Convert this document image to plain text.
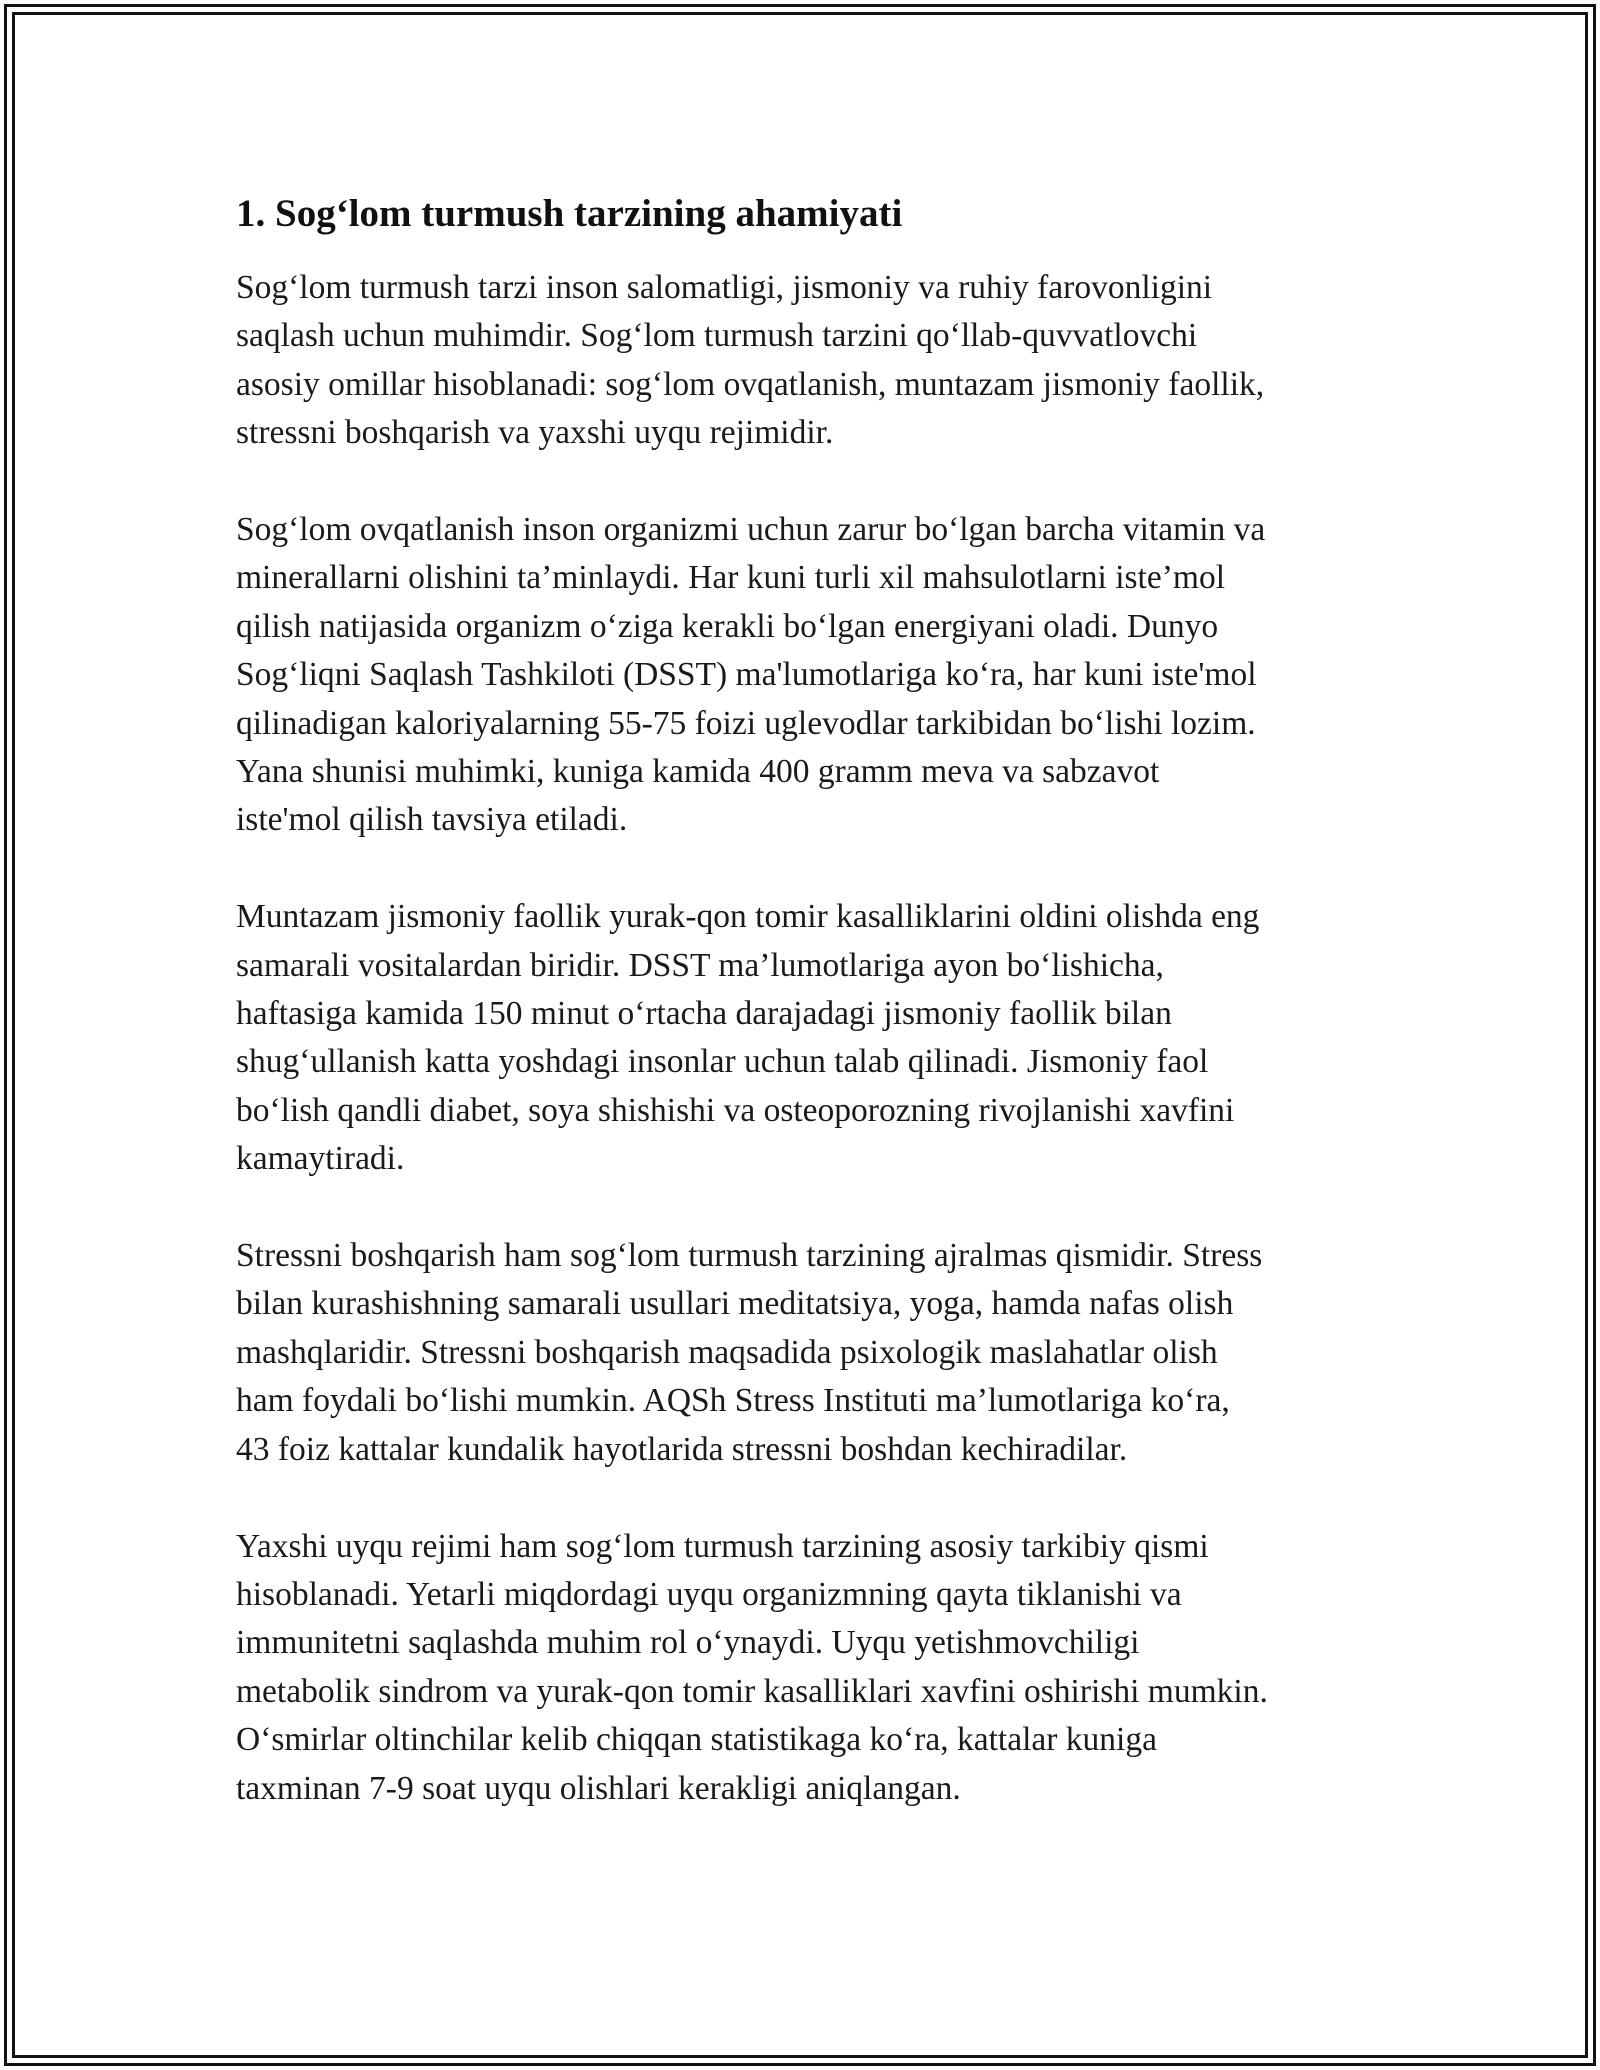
1. Sog‘lom turmush tarzining ahamiyati

Sog‘lom turmush tarzi inson salomatligi, jismoniy va ruhiy farovonligini
saqlash uchun muhimdir. Sog‘lom turmush tarzini qo‘llab-quvvatlovchi
asosiy omillar hisoblanadi: sog‘lom ovqatlanish, muntazam jismoniy faollik,
stressni boshqarish va yaxshi uyqu rejimidir.

Sog‘lom ovqatlanish inson organizmi uchun zarur bo‘lgan barcha vitamin va
minerallarni olishini ta’minlaydi. Har kuni turli xil mahsulotlarni iste’mol
qilish natijasida organizm o‘ziga kerakli bo‘lgan energiyani oladi. Dunyo
Sog‘liqni Saqlash Tashkiloti (DSST) ma'lumotlariga ko‘ra, har kuni iste'mol
qilinadigan kaloriyalarning 55-75 foizi uglevodlar tarkibidan bo‘lishi lozim.
Yana shunisi muhimki, kuniga kamida 400 gramm meva va sabzavot
iste'mol qilish tavsiya etiladi.

Muntazam jismoniy faollik yurak-qon tomir kasalliklarini oldini olishda eng
samarali vositalardan biridir. DSST ma’lumotlariga ayon bo‘lishicha,
haftasiga kamida 150 minut o‘rtacha darajadagi jismoniy faollik bilan
shug‘ullanish katta yoshdagi insonlar uchun talab qilinadi. Jismoniy faol
bo‘lish qandli diabet, soya shishishi va osteoporozning rivojlanishi xavfini
kamaytiradi.

Stressni boshqarish ham sog‘lom turmush tarzining ajralmas qismidir. Stress
bilan kurashishning samarali usullari meditatsiya, yoga, hamda nafas olish
mashqlaridir. Stressni boshqarish maqsadida psixologik maslahatlar olish
ham foydali bo‘lishi mumkin. AQSh Stress Instituti ma’lumotlariga ko‘ra,
43 foiz kattalar kundalik hayotlarida stressni boshdan kechiradilar.

Yaxshi uyqu rejimi ham sog‘lom turmush tarzining asosiy tarkibiy qismi
hisoblanadi. Yetarli miqdordagi uyqu organizmning qayta tiklanishi va
immunitetni saqlashda muhim rol o‘ynaydi. Uyqu yetishmovchiligi
metabolik sindrom va yurak-qon tomir kasalliklari xavfini oshirishi mumkin.
O‘smirlar oltinchilar kelib chiqqan statistikaga ko‘ra, kattalar kuniga
taxminan 7-9 soat uyqu olishlari kerakligi aniqlangan.
